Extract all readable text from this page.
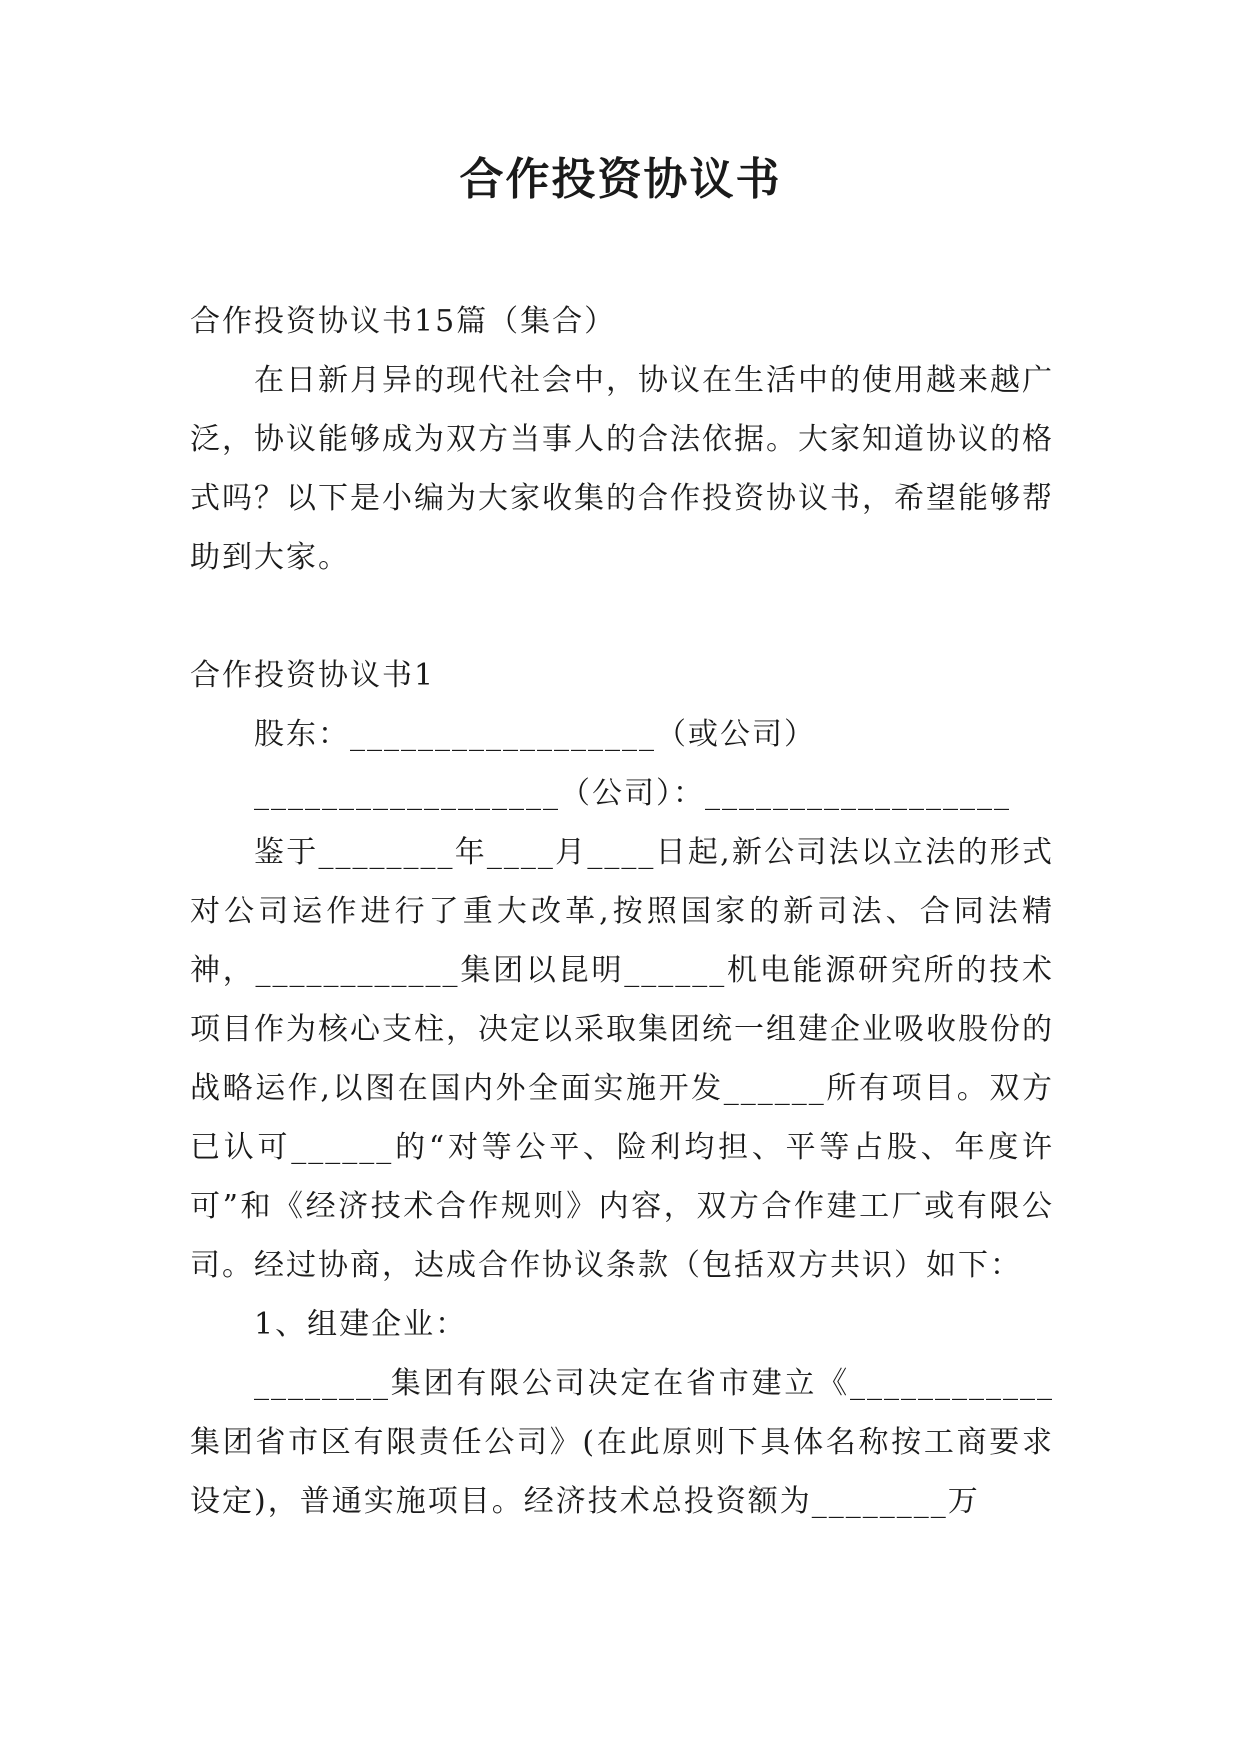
合作投资协议书

合作投资协议书15篇（集合）

在日新月异的现代社会中，协议在生活中的使用越来越广泛，协议能够成为双方当事人的合法依据。大家知道协议的格式吗？以下是小编为大家收集的合作投资协议书，希望能够帮助到大家。

合作投资协议书1

股东：__________________（或公司）

__________________（公司）：__________________

鉴于________年____月____日起,新公司法以立法的形式对公司运作进行了重大改革,按照国家的新司法、合同法精神，____________集团以昆明______机电能源研究所的技术项目作为核心支柱，决定以采取集团统一组建企业吸收股份的战略运作,以图在国内外全面实施开发______所有项目。双方已认可______的“对等公平、险利均担、平等占股、年度许可”和《经济技术合作规则》内容，双方合作建工厂或有限公司。经过协商，达成合作协议条款（包括双方共识）如下：

1、组建企业：

________集团有限公司决定在省市建立《____________集团省市区有限责任公司》(在此原则下具体名称按工商要求设定)，普通实施项目。经济技术总投资额为________万
